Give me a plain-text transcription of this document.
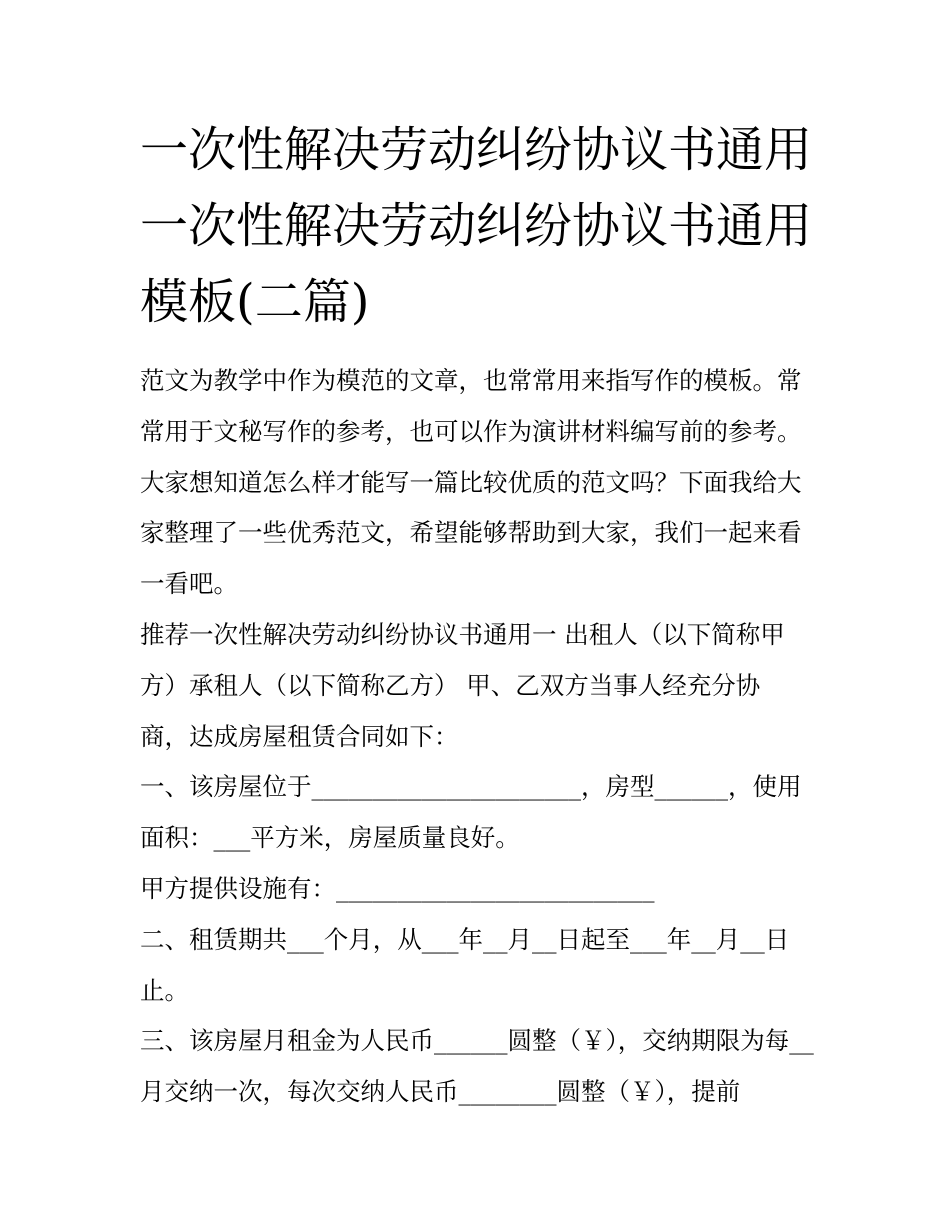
一次性解决劳动纠纷协议书通用 一次性解决劳动纠纷协议书通用模板(二篇)

范文为教学中作为模范的文章，也常常用来指写作的模板。常常用于文秘写作的参考，也可以作为演讲材料编写前的参考。大家想知道怎么样才能写一篇比较优质的范文吗？下面我给大家整理了一些优秀范文，希望能够帮助到大家，我们一起来看一看吧。

推荐一次性解决劳动纠纷协议书通用一 出租人（以下简称甲

方）承租人（以下简称乙方） 甲、乙双方当事人经充分协

商，达成房屋租赁合同如下：

一、该房屋位于______________________，房型______，使用面积：___平方米，房屋质量良好。

甲方提供设施有：__________________________

二、租赁期共___个月，从___年__月__日起至___年__月__日止。

三、该房屋月租金为人民币______圆整（￥），交纳期限为每__月交纳一次，每次交纳人民币________圆整（￥），提前
